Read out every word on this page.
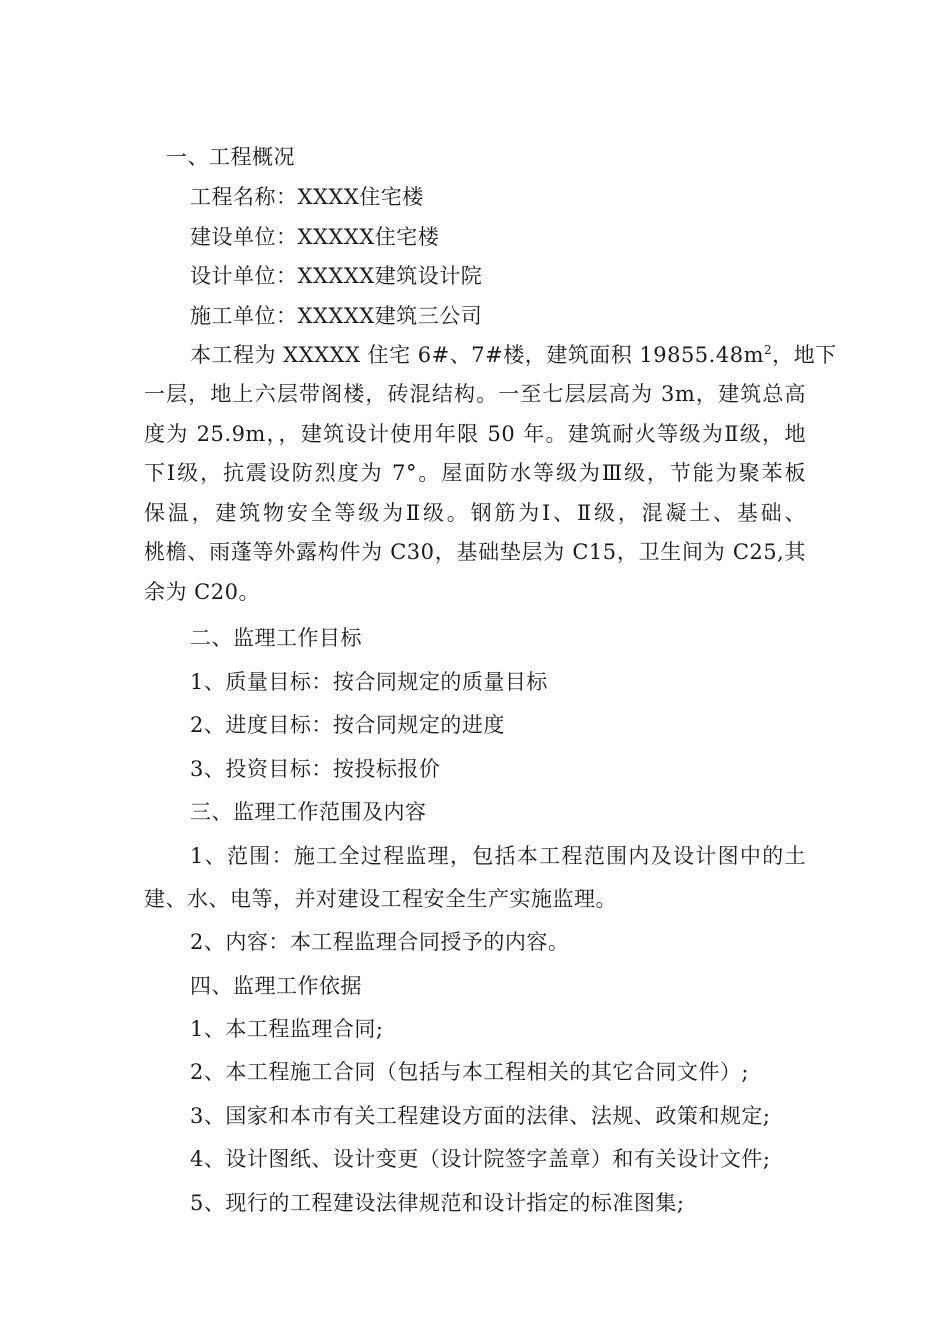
一、工程概况
工程名称：XXXX住宅楼
建设单位：XXXXX住宅楼
设计单位：XXXXX建筑设计院
施工单位：XXXXX建筑三公司
本工程为 XXXXX 住宅 6#、7#楼，建筑面积 $19855.48m^2$，地下
一层，地上六层带阁楼，砖混结构。一至七层层高为 3m，建筑总高
度为 25.9m，，建筑设计使用年限 50 年。建筑耐火等级为Ⅱ级，地
下Ⅰ级，抗震设防烈度为 7°。屋面防水等级为Ⅲ级，节能为聚苯板
保温，建筑物安全等级为Ⅱ级。钢筋为Ⅰ、Ⅱ级，混凝土、基础、
桃檐、雨蓬等外露构件为 C30，基础垫层为 C15，卫生间为 C25,其
余为 C20。
二、监理工作目标
1、质量目标：按合同规定的质量目标
2、进度目标：按合同规定的进度
3、投资目标：按投标报价
三、监理工作范围及内容
1、范围：施工全过程监理，包括本工程范围内及设计图中的土
建、水、电等，并对建设工程安全生产实施监理。
2、内容：本工程监理合同授予的内容。
四、监理工作依据
1、本工程监理合同;
2、本工程施工合同（包括与本工程相关的其它合同文件）;
3、国家和本市有关工程建设方面的法律、法规、政策和规定;
4、设计图纸、设计变更（设计院签字盖章）和有关设计文件;
5、现行的工程建设法律规范和设计指定的标准图集;
